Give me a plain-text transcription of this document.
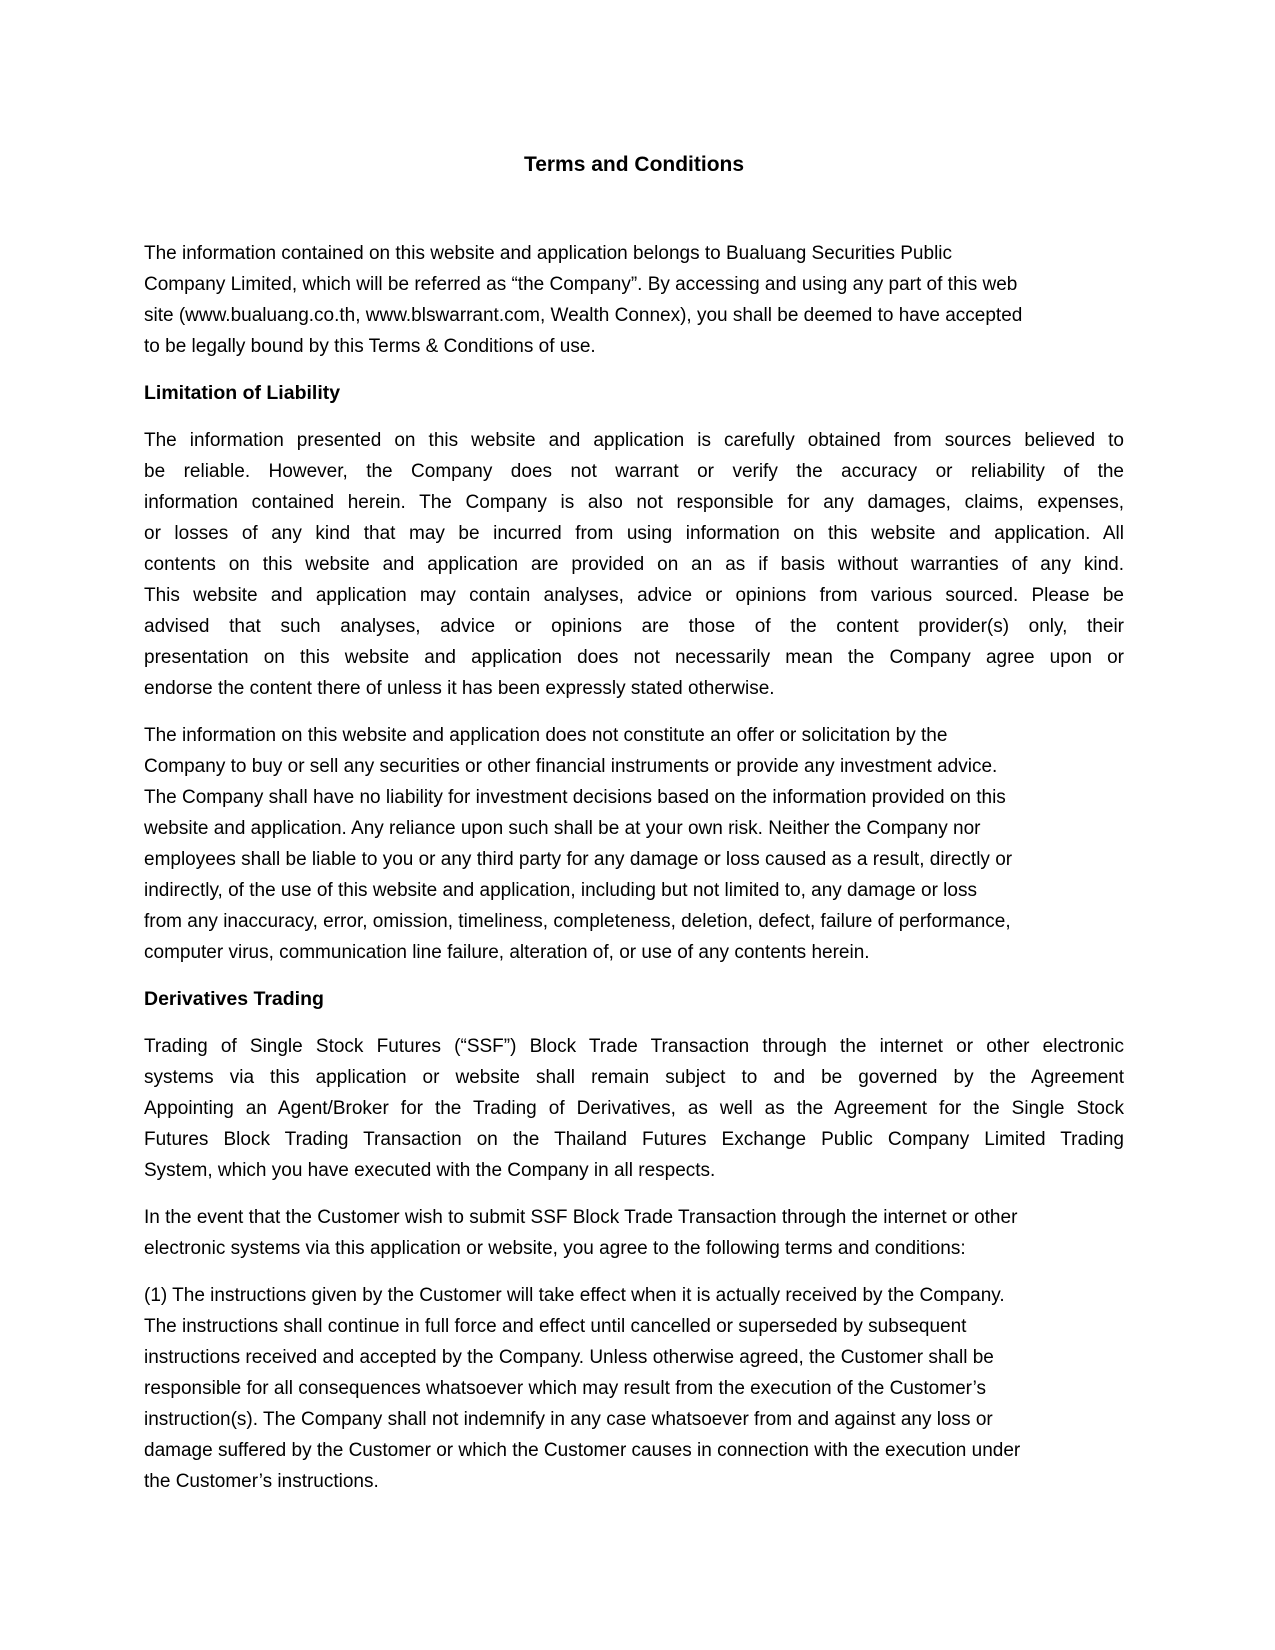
Terms and Conditions
The information contained on this website and application belongs to Bualuang Securities Public
Company Limited, which will be referred as “the Company”. By accessing and using any part of this web
site (www.bualuang.co.th, www.blswarrant.com, Wealth Connex), you shall be deemed to have accepted
to be legally bound by this Terms & Conditions of use.
Limitation of Liability
The information presented on this website and application is carefully obtained from sources believed to
be reliable. However, the Company does not warrant or verify the accuracy or reliability of the
information contained herein. The Company is also not responsible for any damages, claims, expenses,
or losses of any kind that may be incurred from using information on this website and application. All
contents on this website and application are provided on an as if basis without warranties of any kind.
This website and application may contain analyses, advice or opinions from various sourced. Please be
advised that such analyses, advice or opinions are those of the content provider(s) only, their
presentation on this website and application does not necessarily mean the Company agree upon or
endorse the content there of unless it has been expressly stated otherwise.
The information on this website and application does not constitute an offer or solicitation by the
Company to buy or sell any securities or other financial instruments or provide any investment advice.
The Company shall have no liability for investment decisions based on the information provided on this
website and application. Any reliance upon such shall be at your own risk. Neither the Company nor
employees shall be liable to you or any third party for any damage or loss caused as a result, directly or
indirectly, of the use of this website and application, including but not limited to, any damage or loss
from any inaccuracy, error, omission, timeliness, completeness, deletion, defect, failure of performance,
computer virus, communication line failure, alteration of, or use of any contents herein.
Derivatives Trading
Trading of Single Stock Futures (“SSF”) Block Trade Transaction through the internet or other electronic
systems via this application or website shall remain subject to and be governed by the Agreement
Appointing an Agent/Broker for the Trading of Derivatives, as well as the Agreement for the Single Stock
Futures Block Trading Transaction on the Thailand Futures Exchange Public Company Limited Trading
System, which you have executed with the Company in all respects.
In the event that the Customer wish to submit SSF Block Trade Transaction through the internet or other
electronic systems via this application or website, you agree to the following terms and conditions:
(1) The instructions given by the Customer will take effect when it is actually received by the Company.
The instructions shall continue in full force and effect until cancelled or superseded by subsequent
instructions received and accepted by the Company. Unless otherwise agreed, the Customer shall be
responsible for all consequences whatsoever which may result from the execution of the Customer’s
instruction(s). The Company shall not indemnify in any case whatsoever from and against any loss or
damage suffered by the Customer or which the Customer causes in connection with the execution under
the Customer’s instructions.
